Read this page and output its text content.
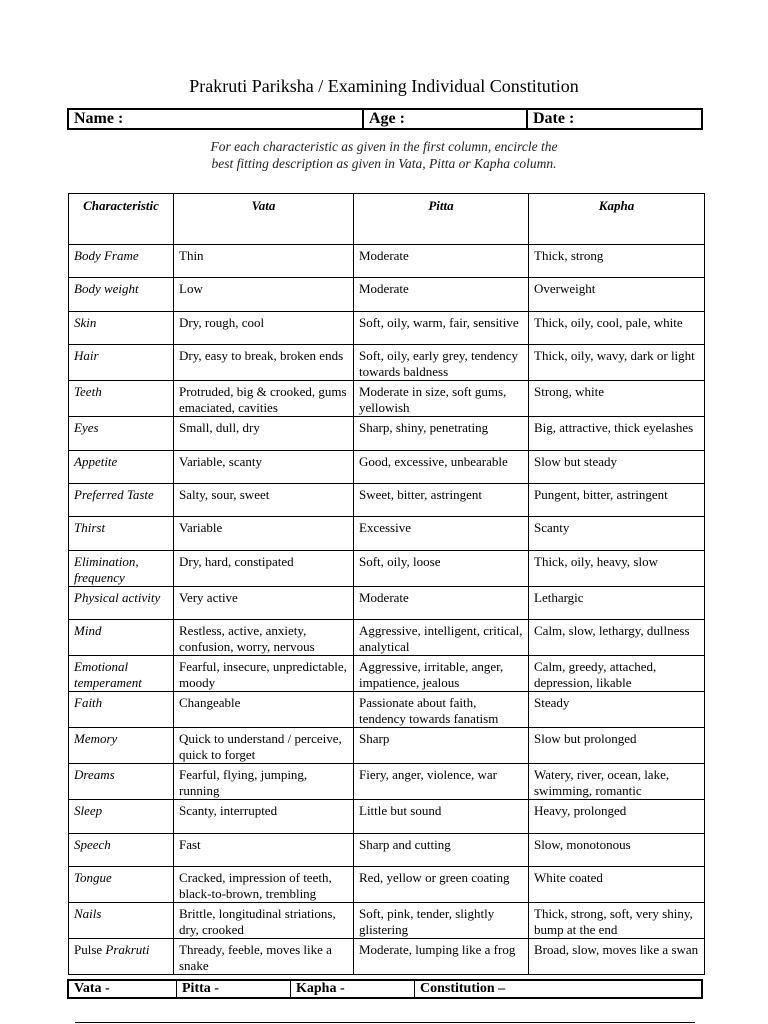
Prakruti Pariksha / Examining Individual Constitution
Name :	Age :	Date :
For each characteristic as given in the first column, encircle the
best fitting description as given in Vata, Pitta or Kapha column.
Characteristic	Vata	Pitta	Kapha
Body Frame	Thin	Moderate	Thick, strong
Body weight	Low	Moderate	Overweight
Skin	Dry, rough, cool	Soft, oily, warm, fair, sensitive	Thick, oily, cool, pale, white
Hair	Dry, easy to break, broken ends	Soft, oily, early grey, tendency towards baldness	Thick, oily, wavy, dark or light
Teeth	Protruded, big & crooked, gums emaciated, cavities	Moderate in size, soft gums, yellowish	Strong, white
Eyes	Small, dull, dry	Sharp, shiny, penetrating	Big, attractive, thick eyelashes
Appetite	Variable, scanty	Good, excessive, unbearable	Slow but steady
Preferred Taste	Salty, sour, sweet	Sweet, bitter, astringent	Pungent, bitter, astringent
Thirst	Variable	Excessive	Scanty
Elimination, frequency	Dry, hard, constipated	Soft, oily, loose	Thick, oily, heavy, slow
Physical activity	Very active	Moderate	Lethargic
Mind	Restless, active, anxiety, confusion, worry, nervous	Aggressive, intelligent, critical, analytical	Calm, slow, lethargy, dullness
Emotional temperament	Fearful, insecure, unpredictable, moody	Aggressive, irritable, anger, impatience, jealous	Calm, greedy, attached, depression, likable
Faith	Changeable	Passionate about faith, tendency towards fanatism	Steady
Memory	Quick to understand / perceive, quick to forget	Sharp	Slow but prolonged
Dreams	Fearful, flying, jumping, running	Fiery, anger, violence, war	Watery, river, ocean, lake, swimming, romantic
Sleep	Scanty, interrupted	Little but sound	Heavy, prolonged
Speech	Fast	Sharp and cutting	Slow, monotonous
Tongue	Cracked, impression of teeth, black-to-brown, trembling	Red, yellow or green coating	White coated
Nails	Brittle, longitudinal striations, dry, crooked	Soft, pink, tender, slightly glistering	Thick, strong, soft, very shiny, bump at the end
Pulse Prakruti	Thready, feeble, moves like a snake	Moderate, lumping like a frog	Broad, slow, moves like a swan
Vata -	Pitta -	Kapha -	Constitution –
